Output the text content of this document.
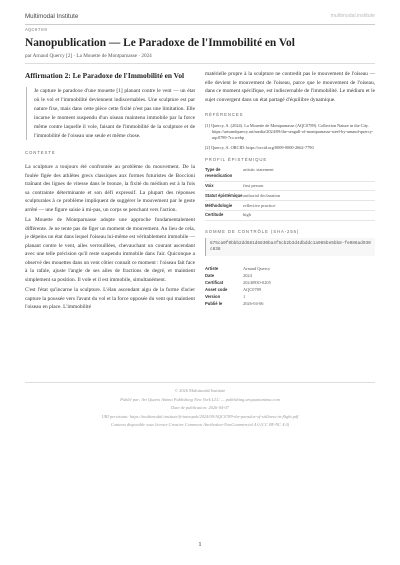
Multimodal Institute	multimodal.institute
AQC0789
Nanopublication — Le Paradoxe de l'Immobilité en Vol
par Arnaud Quercy [2] · La Mouette de Montparnasse · 2024
Affirmation 2: Le Paradoxe de l'Immobilité en Vol

Je capture le paradoxe d'une mouette [1] planant contre le vent — un état où le vol et l'immobilité deviennent indiscernables. Une sculpture est par nature fixe, mais dans cette pièce cette fixité n'est pas une limitation. Elle incarne le moment suspendu d'un oiseau maintenu immobile par la force même contre laquelle il vole, faisant de l'immobilité de la sculpture et de l'immobilité de l'oiseau une seule et même chose.

CONTEXTE

La sculpture a toujours été confrontée au problème du mouvement. De la foulée figée des athlètes grecs classiques aux formes futuristes de Boccioni traînant des lignes de vitesse dans le bronze, la fixité du médium est à la fois sa contrainte déterminante et son défi expressif. La plupart des réponses sculpturales à ce problème impliquent de suggérer le mouvement par le geste arrêté — une figure saisie à mi-pas, un corps se penchant vers l'action.

La Mouette de Montparnasse adopte une approche fondamentalement différente. Je ne tente pas de figer un moment de mouvement. Au lieu de cela, je dépeins un état dans lequel l'oiseau lui-même est véritablement immobile — planant contre le vent, ailes verrouillées, chevauchant un courant ascendant avec une telle précision qu'il reste suspendu immobile dans l'air. Quiconque a observé des mouettes dans un vent côtier connaît ce moment : l'oiseau fait face à la rafale, ajuste l'angle de ses ailes de fractions de degré, et maintient simplement sa position. Il vole et il est immobile, simultanément.

C'est l'état qu'incarne la sculpture. L'élan ascendant aigu de la forme d'acier capture la poussée vers l'avant du vol et la force opposée du vent qui maintient l'oiseau en place. L'immobilité

matérielle propre à la sculpture ne contredit pas le mouvement de l'oiseau — elle devient le mouvement de l'oiseau, parce que le mouvement de l'oiseau, dans ce moment spécifique, est indiscernable de l'immobilité. Le médium et le sujet convergent dans un état partagé d'équilibre dynamique.

RÉFÉRENCES
[1] Quercy, A. (2024). La Mouette de Montparnasse (AQC0789). Collection Nature in the City. https://artsandquercy.art/media/2024/09/the-seagull-of-montparnasse-steel-by-arnaud-quercy-aqc0789-7ro.webp
[2] Quercy, A. ORCID: https://orcid.org/0009-0000-2662-7790
PROFIL ÉPISTÉMIQUE
Type de revendication	artistic statement
Voix	first person
Statut épistémique	authorial declaration
Méthodologie	reflective practice
Certitude	high
SOMME DE CONTRÔLE (SHA-256)
875ca0f0bbb2dd681d6830ba4f5cb2b3d4dbddc1a065be5bb8-fe086ad930c838
Artiste	Arnaud Quercy
Date	2024
Certificat	20240930-0205
Asset code	AQC0789
Version	1
Publié le	2026-04-06
© 2026 Multimodal Institute
Publié par: Art Quarts Anima Publishing New York LLC — publishing.artquantanima.com
Date de publication: 2026-04-07
URI persistant: https://multimodal.institute/fr/nanopub/2024/09/AQC0789-the-paradox-of-stillness-in-flight.pdf
Contenu disponible sous licence Creative Commons Attribution-NonCommercial 4.0 (CC BY-NC 4.0)
1
